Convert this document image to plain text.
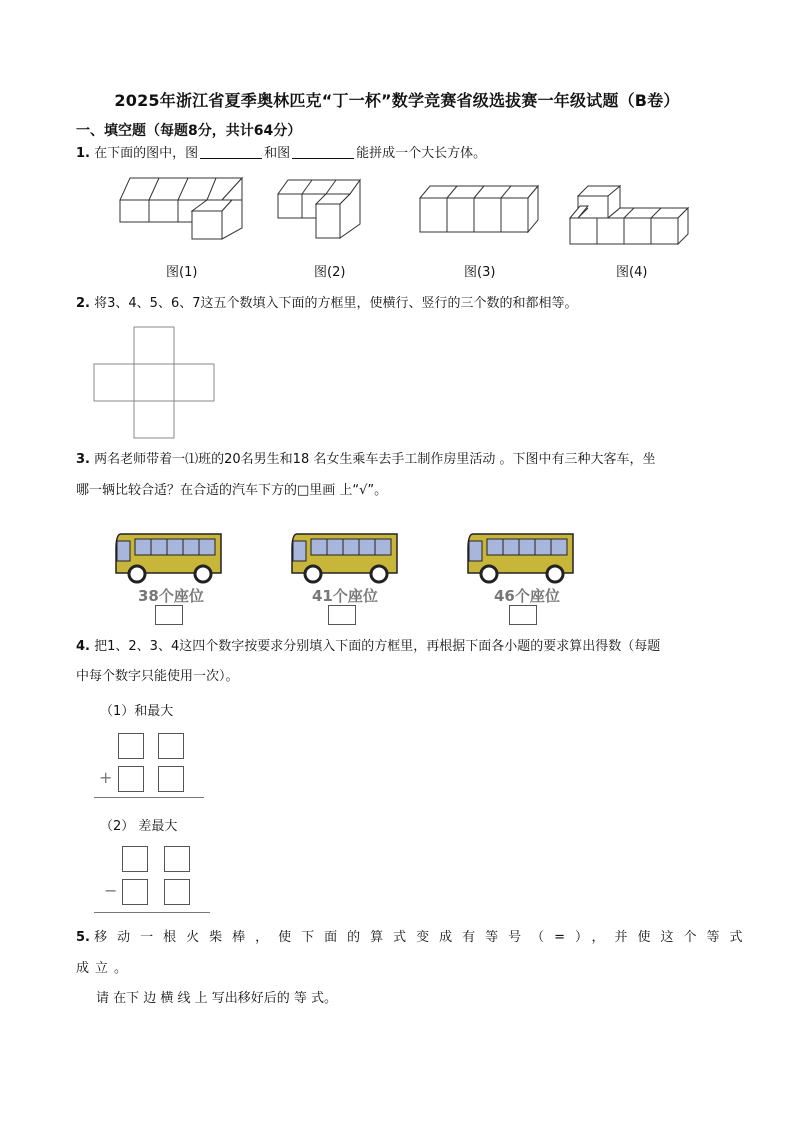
2025年浙江省夏季奥林匹克“丁一杯”数学竞赛省级选拔赛一年级试题（B卷）
一、填空题（每题8分，共计64分）
1. 在下面的图中，图	和图	能拼成一个大长方体。
图(1)	图(2)	图(3)	图(4)
2. 将3、4、5、6、7这五个数填入下面的方框里，使横行、竖行的三个数的和都相等。
3. 两名老师带着一⑴班的20名男生和18 名女生乘车去手工制作房里活动 。下图中有三种大客车，坐
哪一辆比较合适？在合适的汽车下方的□里画 上“√”。
38个座位	41个座位	46个座位
4. 把1、2、3、4这四个数字按要求分别填入下面的方框里，再根据下面各小题的要求算出得数（每题
中每个数字只能使用一次）。
（1）和最大
+
（2） 差最大
−
5. 移动一根火柴棒，使下面的算式变成有等号（=），并使这个等式
成立。
请 在下 边 横 线 上 写出移好后的 等 式。
